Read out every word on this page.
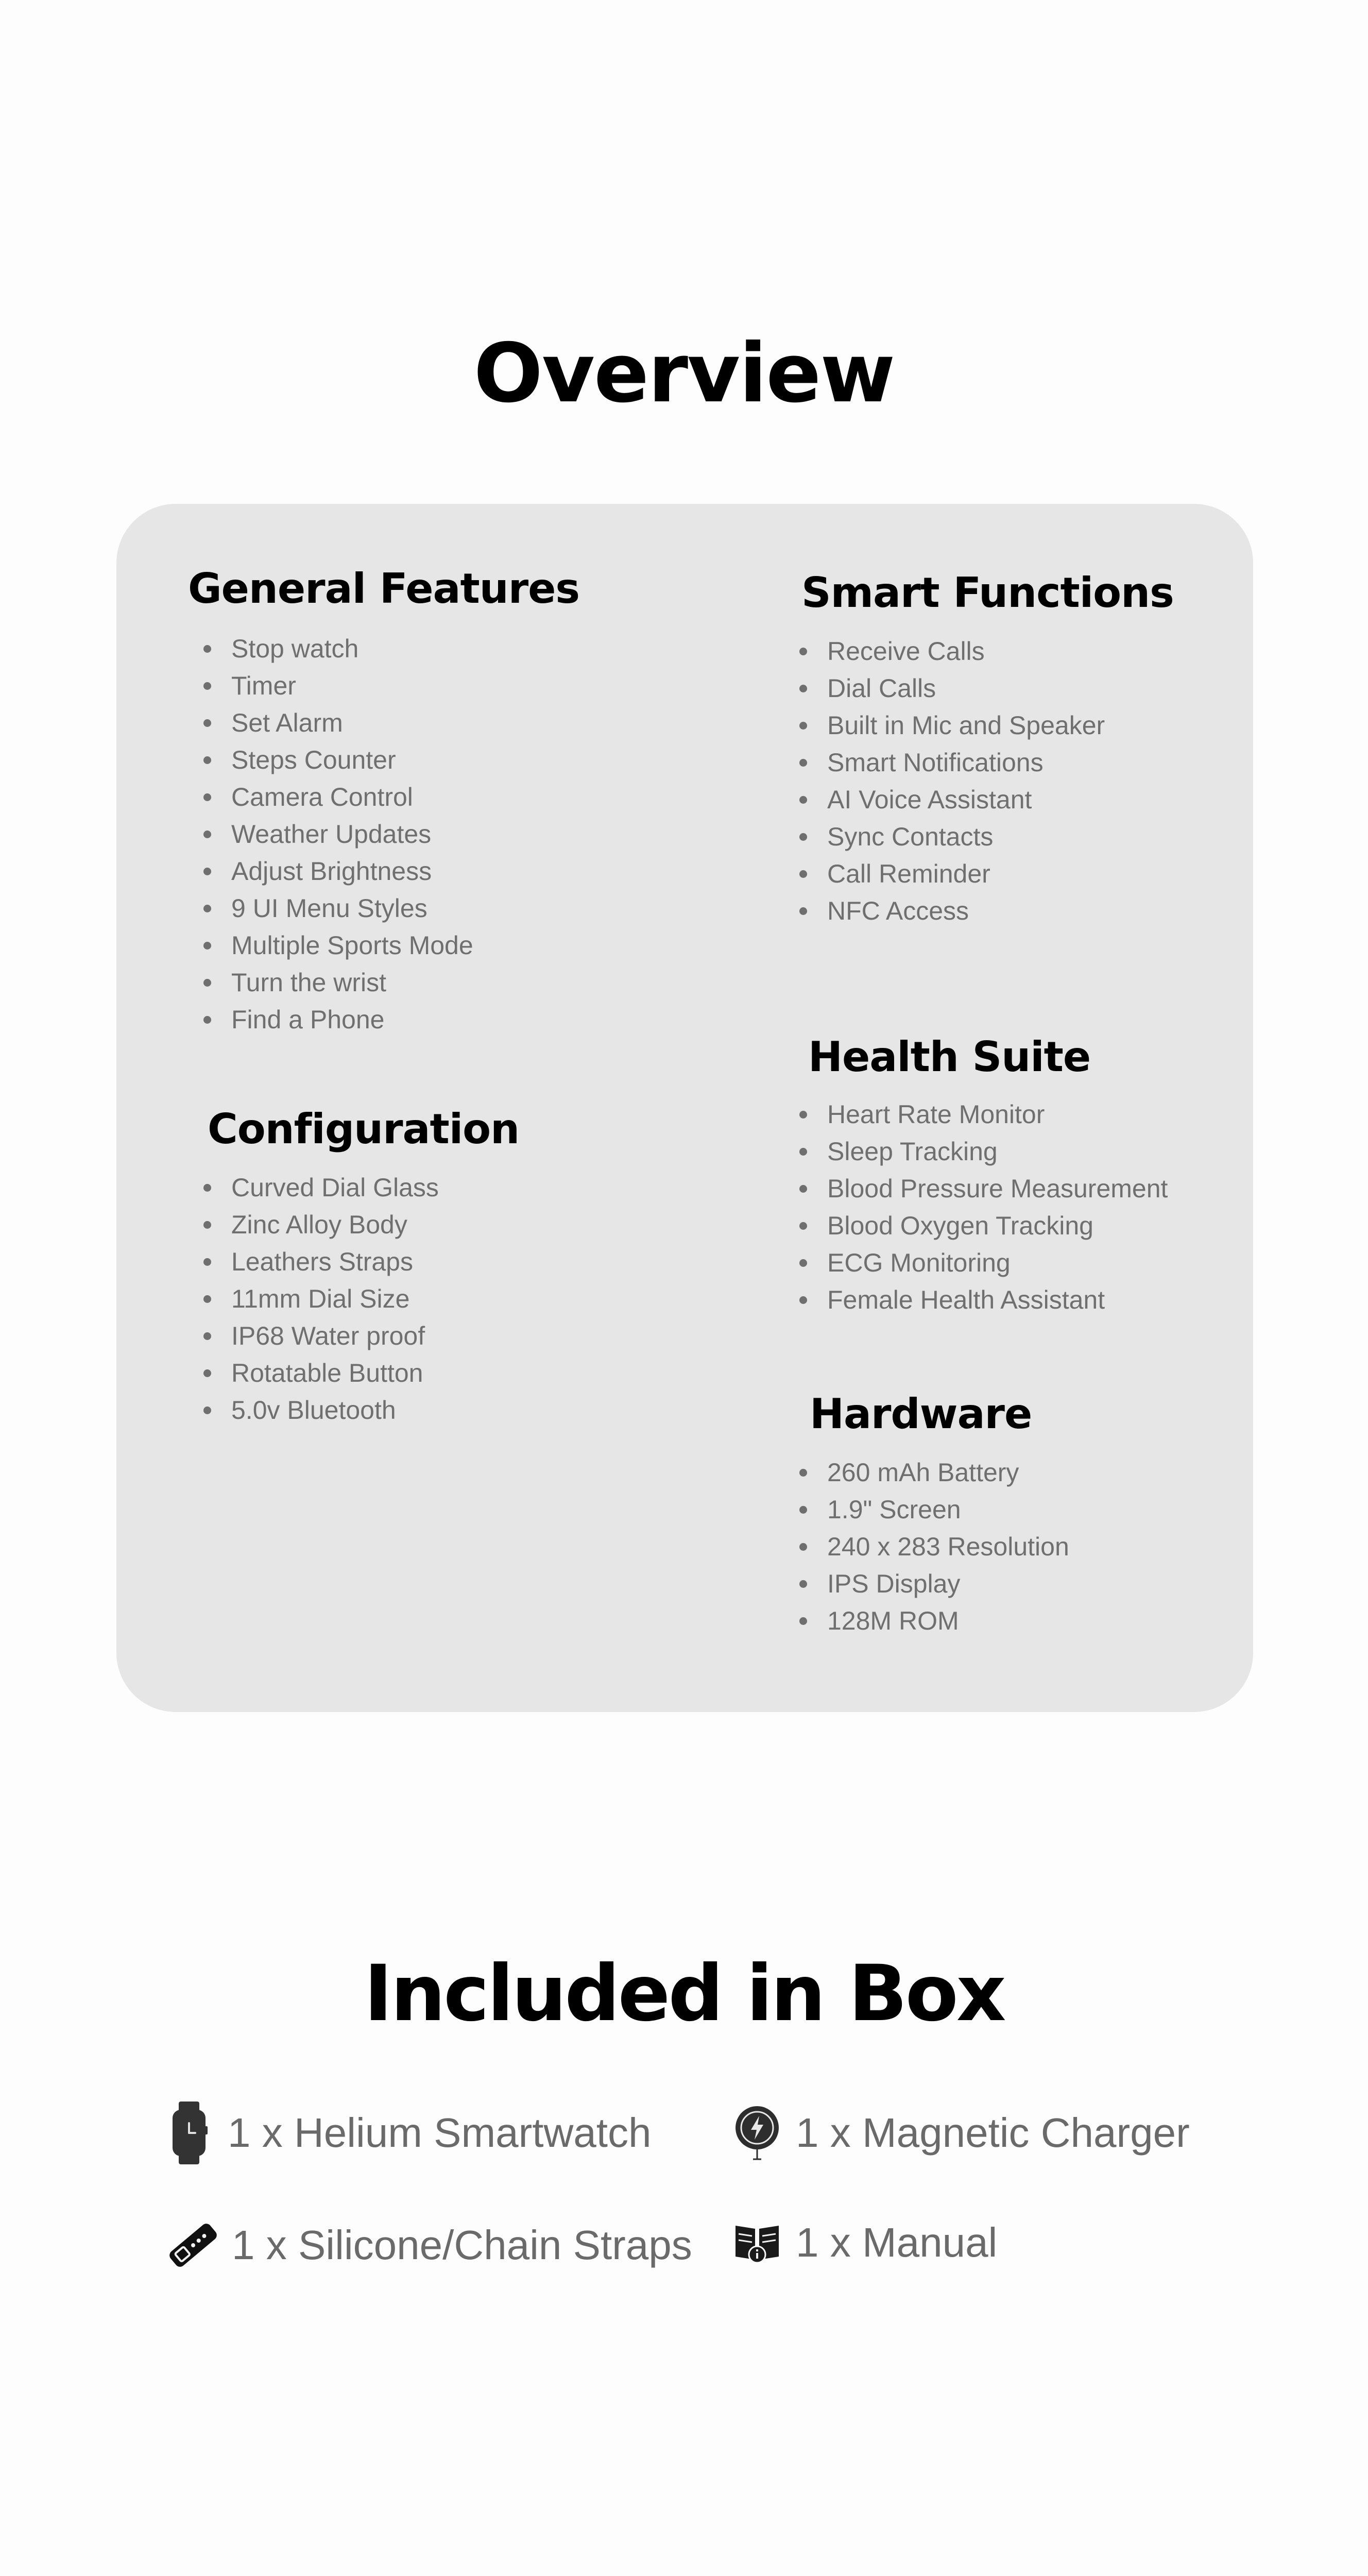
Overview
General Features
Stop watch
Timer
Set Alarm
Steps Counter
Camera Control
Weather Updates
Adjust Brightness
9 UI Menu Styles
Multiple Sports Mode
Turn the wrist
Find a Phone
Configuration
Curved Dial Glass
Zinc Alloy Body
Leathers Straps
11mm Dial Size
IP68 Water proof
Rotatable Button
5.0v Bluetooth
Smart Functions
Receive Calls
Dial Calls
Built in Mic and Speaker
Smart Notifications
AI Voice Assistant
Sync Contacts
Call Reminder
NFC Access
Health Suite
Heart Rate Monitor
Sleep Tracking
Blood Pressure Measurement
Blood Oxygen Tracking
ECG Monitoring
Female Health Assistant
Hardware
260 mAh Battery
1.9" Screen
240 x 283 Resolution
IPS Display
128M ROM
Included in Box
1 x Helium Smartwatch	1 x Magnetic Charger
1 x Silicone/Chain Straps	1 x Manual
